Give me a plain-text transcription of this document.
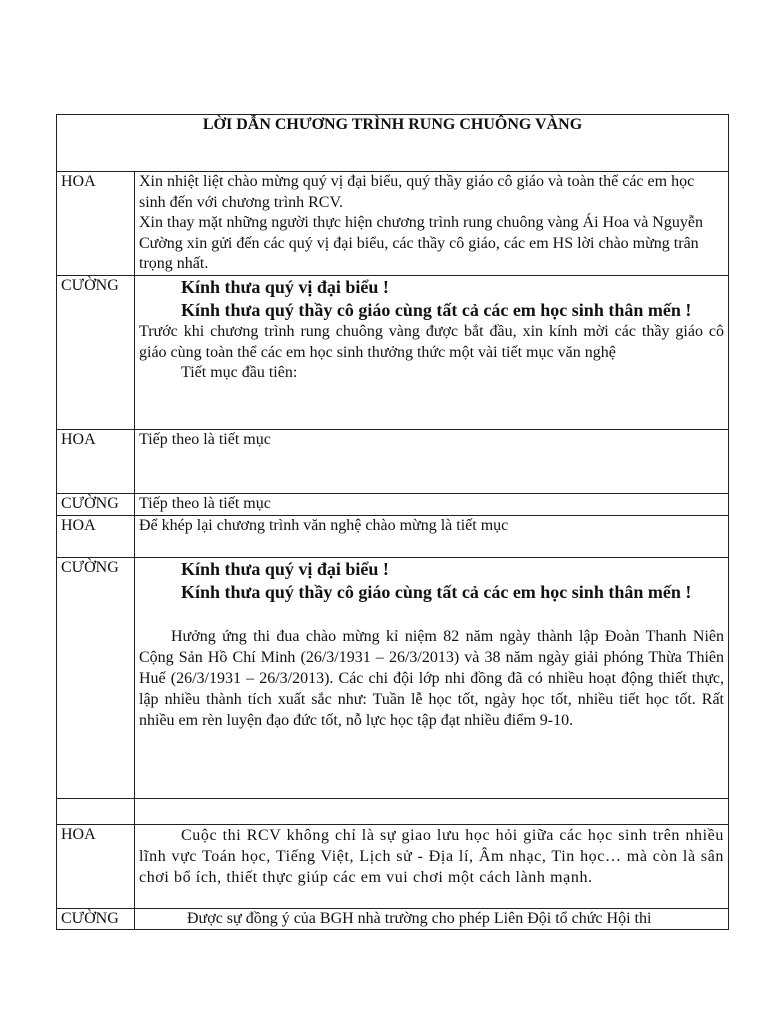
LỜI DẪN CHƯƠNG TRÌNH RUNG CHUÔNG VÀNG	
HOA	Xin nhiệt liệt chào mừng quý vị đại biểu, quý thầy giáo cô giáo và toàn thể các em học sinh đến với chương trình RCV.

Xin thay mặt những người thực hiện chương trình rung chuông vàng Ái Hoa và Nguyễn Cường xin gửi đến các quý vị đại biểu, các thầy cô giáo, các em HS lời chào mừng trân trọng nhất.

CƯỜNG	Kính thưa quý vị đại biểu !
Kính thưa quý thầy cô giáo cùng tất cả các em học sinh thân mến !
Trước khi chương trình rung chuông vàng được bắt đầu, xin kính mời các thầy giáo cô giáo cùng toàn thể các em học sinh thưởng thức một vài tiết mục văn nghệ
Tiết mục đầu tiên:

HOA	Tiếp theo là tiết mục
CƯỜNG	Tiếp theo là tiết mục
HOA	Để khép lại chương trình văn nghệ chào mừng là tiết mục
CƯỜNG	Kính thưa quý vị đại biểu !
Kính thưa quý thầy cô giáo cùng tất cả các em học sinh thân mến !
Hưởng ứng thi đua chào mừng kỉ niệm 82 năm ngày thành lập Đoàn Thanh Niên Cộng Sản Hồ Chí Minh (26/3/1931 – 26/3/2013) và 38 năm ngày giải phóng Thừa Thiên Huế (26/3/1931 – 26/3/2013). Các chi đội lớp nhi đồng đã có nhiều hoạt động thiết thực, lập nhiều thành tích xuất sắc như: Tuần lễ học tốt, ngày học tốt, nhiều tiết học tốt. Rất nhiều em rèn luyện đạo đức tốt, nỗ lực học tập đạt nhiều điểm 9-10.

HOA	Cuộc thi RCV không chỉ là sự giao lưu học hỏi giữa các học sinh trên nhiều lĩnh vực Toán học, Tiếng Việt, Lịch sử - Địa lí, Âm nhạc, Tin học… mà còn là sân chơi bổ ích, thiết thực giúp các em vui chơi một cách lành mạnh.

CƯỜNG	Được sự đồng ý của BGH nhà trường cho phép Liên Đội tổ chức Hội thi
